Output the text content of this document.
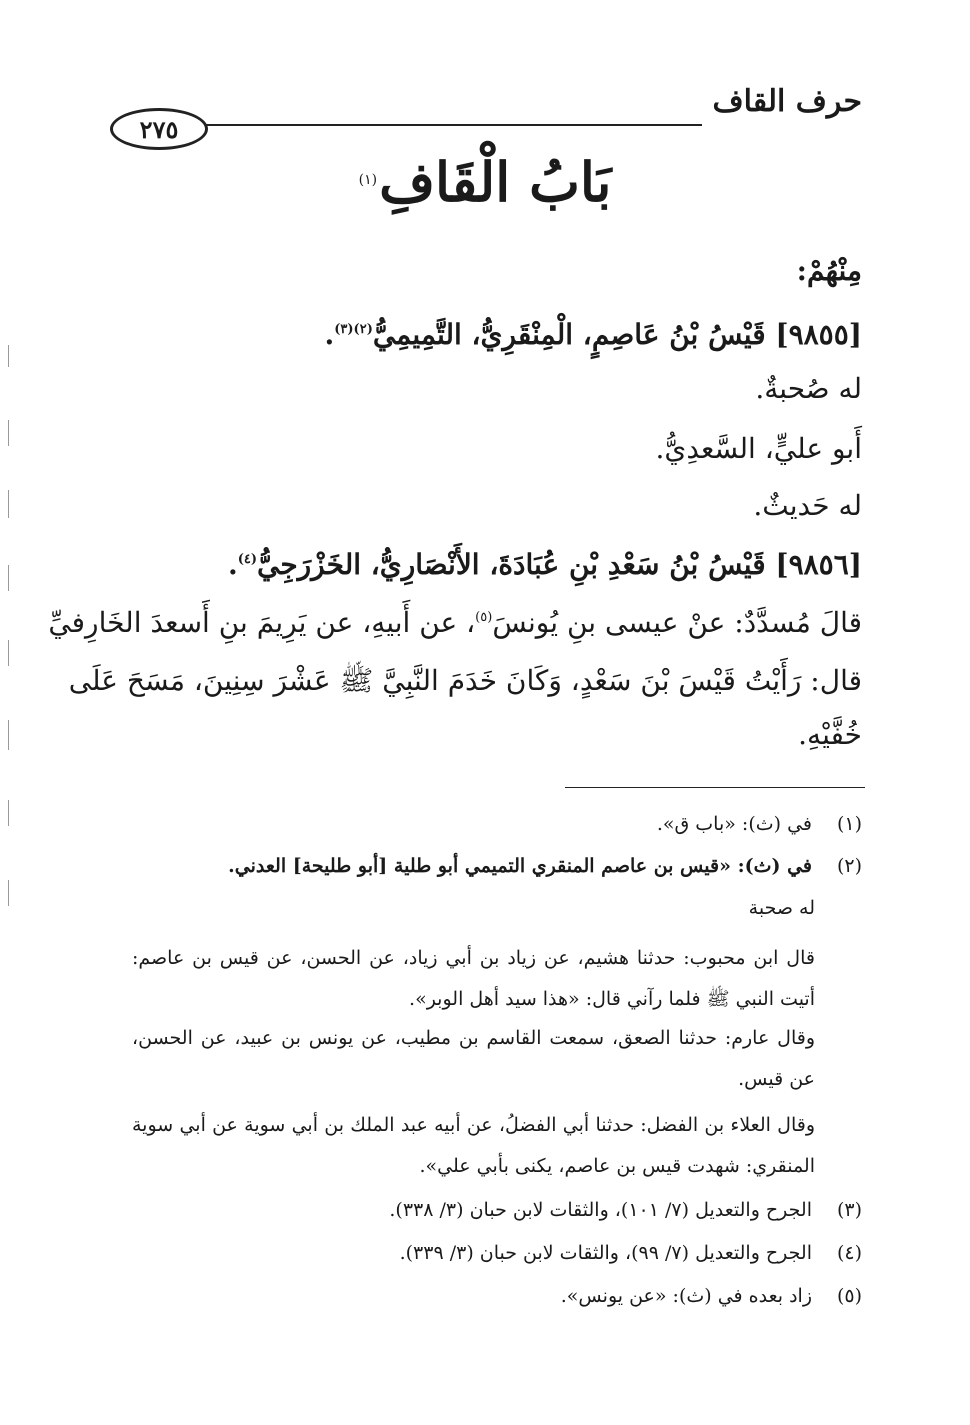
حرف القاف
٢٧٥
بَابُ الْقَافِ$^{(١)}$
مِنْهُمْ:
[٩٨٥٥] قَيْسُ بْنُ عَاصِمٍ، الْمِنْقَرِيُّ، التَّمِيمِيُّ$^{(٢)(٣)}$.
له صُحبةٌ.
أَبو عليٍّ، السَّعدِيُّ.
له حَديثٌ.
[٩٨٥٦] قَيْسُ بْنُ سَعْدِ بْنِ عُبَادَةَ، الأَنْصَارِيُّ، الخَزْرَجِيُّ$^{(٤)}$.
قالَ مُسدَّدٌ: عنْ عيسى بنِ يُونسَ$^{(٥)}$، عن أَبيهِ، عن يَرِيمَ بنِ أَسعدَ الخَارِفيِّ
قال: رَأَيْتُ قَيْسَ بْنَ سَعْدٍ، وَكَانَ خَدَمَ النَّبِيَّ ﷺ عَشْرَ سِنِينَ، مَسَحَ عَلَى
خُفَّيْهِ.
(١)في (ث): «باب ق».
(٢)في (ث): «قيس بن عاصم المنقري التميمي أبو طلية [أبو طليحة] العدني.
له صحبة
قال ابن محبوب: حدثنا هشيم، عن زياد بن أبي زياد، عن الحسن، عن قيس بن عاصم:
أتيت النبي ﷺ فلما رآني قال: «هذا سيد أهل الوبر».
وقال عارم: حدثنا الصعق، سمعت القاسم بن مطيب، عن يونس بن عبيد، عن الحسن،
عن قيس.
وقال العلاء بن الفضل: حدثنا أبي الفضلُ، عن أبيه عبد الملك بن أبي سوية عن أبي سوية
المنقري: شهدت قيس بن عاصم، يكنى بأبي علي».
(٣)الجرح والتعديل (٧/ ١٠١)، والثقات لابن حبان (٣/ ٣٣٨).
(٤)الجرح والتعديل (٧/ ٩٩)، والثقات لابن حبان (٣/ ٣٣٩).
(٥)زاد بعده في (ث): «عن يونس».
